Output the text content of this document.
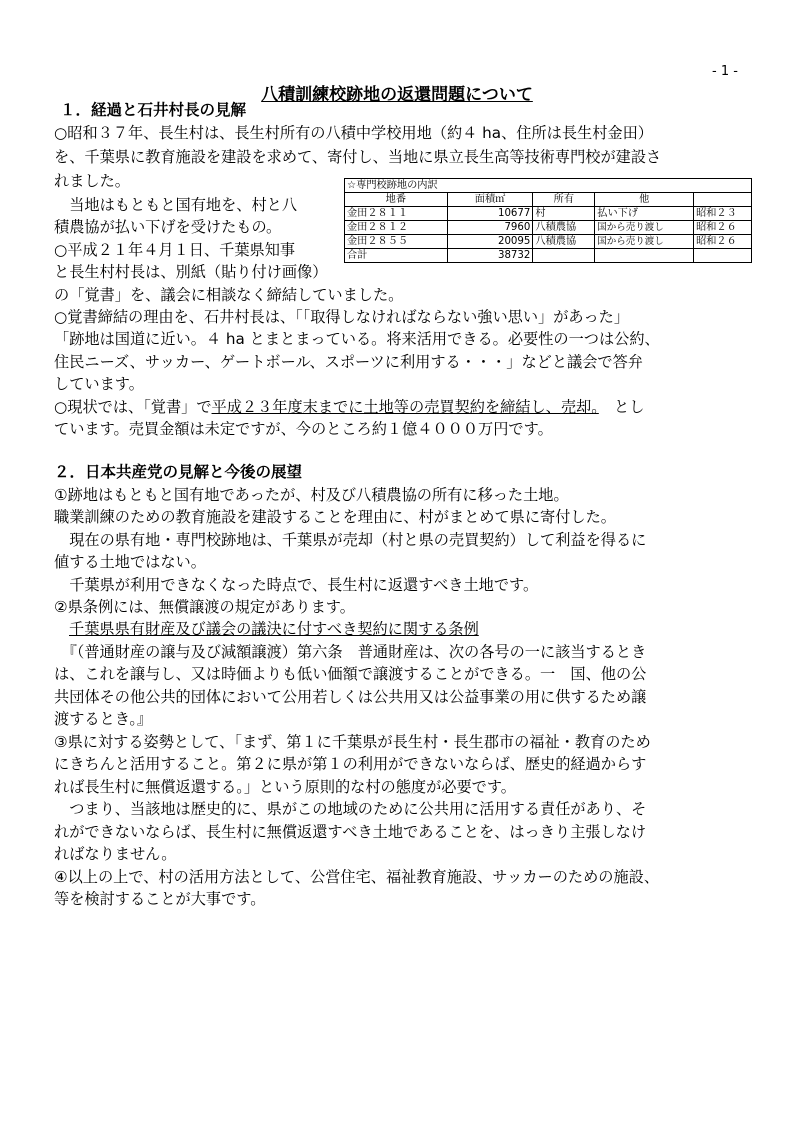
- 1 -
八積訓練校跡地の返還問題について
１．経過と石井村長の見解
○昭和３７年、長生村は、長生村所有の八積中学校用地（約４ ha、住所は長生村金田）
を、千葉県に教育施設を建設を求めて、寄付し、当地に県立長生高等技術専門校が建設さ
れました。
　当地はもともと国有地を、村と八
積農協が払い下げを受けたもの。
○平成２１年４月１日、千葉県知事
と長生村村長は、別紙（貼り付け画像）
の「覚書」を、議会に相談なく締結していました。
○覚書締結の理由を、石井村長は、「「取得しなければならない強い思い」があった」
「跡地は国道に近い。４ ha とまとまっている。将来活用できる。必要性の一つは公約、
住民ニーズ、サッカー、ゲートボール、スポーツに利用する・・・」などと議会で答弁
しています。
○現状では、「覚書」で平成２３年度末までに土地等の売買契約を締結し、売却。　とし
ています。売買金額は未定ですが、今のところ約１億４０００万円です。
☆専門校跡地の内訳				
地番	面積㎡	所有	他	
金田２８１１	10677	村	払い下げ	昭和２３
金田２８１２	7960	八積農協	国から売り渡し	昭和２６
金田２８５５	20095	八積農協	国から売り渡し	昭和２６
合計	38732			
２．日本共産党の見解と今後の展望
①跡地はもともと国有地であったが、村及び八積農協の所有に移った土地。
職業訓練のための教育施設を建設することを理由に、村がまとめて県に寄付した。
　現在の県有地・専門校跡地は、千葉県が売却（村と県の売買契約）して利益を得るに
値する土地ではない。
　千葉県が利用できなくなった時点で、長生村に返還すべき土地です。
②県条例には、無償譲渡の規定があります。
千葉県県有財産及び議会の議決に付すべき契約に関する条例
　『（普通財産の譲与及び減額譲渡）第六条　普通財産は、次の各号の一に該当するとき
は、これを譲与し、又は時価よりも低い価額で譲渡することができる。一　国、他の公
共団体その他公共的団体において公用若しくは公共用又は公益事業の用に供するため譲
渡するとき。』
③県に対する姿勢として、「まず、第１に千葉県が長生村・長生郡市の福祉・教育のため
にきちんと活用すること。第２に県が第１の利用ができないならば、歴史的経過からす
れば長生村に無償返還する。」という原則的な村の態度が必要です。
　つまり、当該地は歴史的に、県がこの地域のために公共用に活用する責任があり、そ
れができないならば、長生村に無償返還すべき土地であることを、はっきり主張しなけ
ればなりません。
④以上の上で、村の活用方法として、公営住宅、福祉教育施設、サッカーのための施設、
等を検討することが大事です。
